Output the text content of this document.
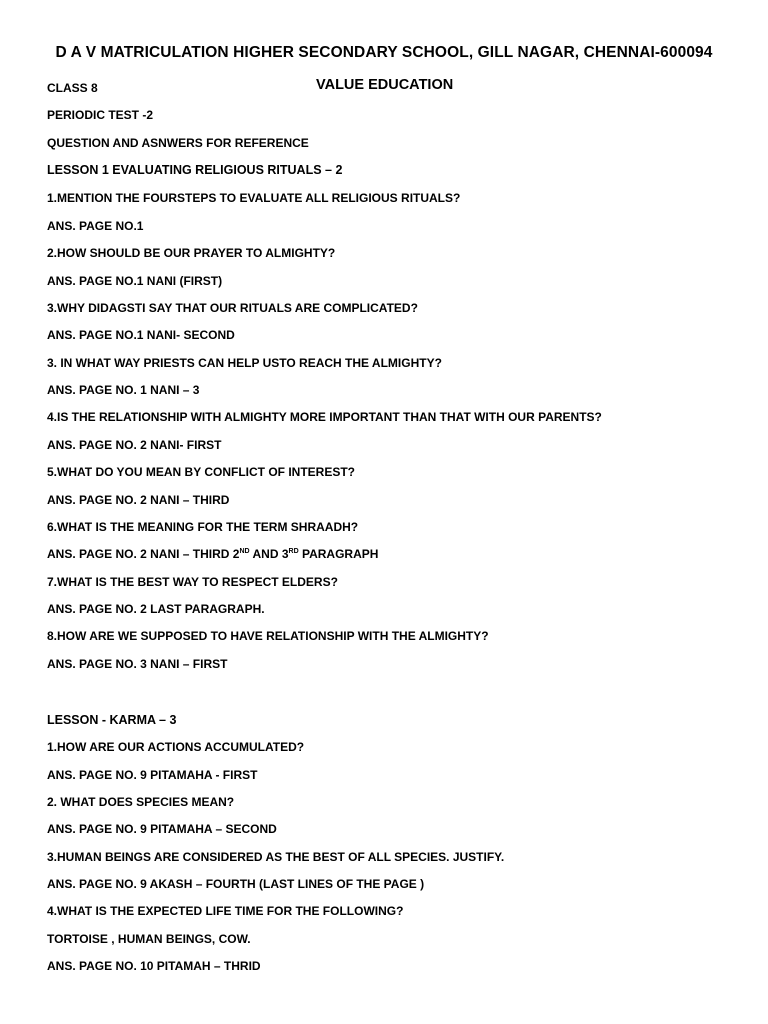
D A V MATRICULATION HIGHER SECONDARY SCHOOL, GILL NAGAR, CHENNAI-600094
CLASS 8	VALUE EDUCATION
PERIODIC TEST -2
QUESTION AND ASNWERS FOR REFERENCE
LESSON 1 EVALUATING RELIGIOUS RITUALS – 2
1.MENTION THE FOURSTEPS TO EVALUATE ALL RELIGIOUS RITUALS?
ANS. PAGE NO.1
2.HOW SHOULD BE OUR PRAYER TO ALMIGHTY?
ANS. PAGE NO.1 NANI (FIRST)
3.WHY DIDAGSTI SAY THAT OUR RITUALS ARE COMPLICATED?
ANS. PAGE NO.1 NANI- SECOND
3. IN WHAT WAY PRIESTS CAN HELP USTO REACH THE ALMIGHTY?
ANS. PAGE NO. 1 NANI – 3
4.IS THE RELATIONSHIP WITH ALMIGHTY MORE IMPORTANT THAN THAT WITH OUR PARENTS?
ANS. PAGE NO. 2 NANI- FIRST
5.WHAT DO YOU MEAN BY CONFLICT OF INTEREST?
ANS. PAGE NO. 2 NANI – THIRD
6.WHAT IS THE MEANING FOR THE TERM SHRAADH?
ANS. PAGE NO. 2 NANI – THIRD 2ND AND 3RD PARAGRAPH
7.WHAT IS THE BEST WAY TO RESPECT ELDERS?
ANS. PAGE NO. 2 LAST PARAGRAPH.
8.HOW ARE WE SUPPOSED TO HAVE RELATIONSHIP WITH THE ALMIGHTY?
ANS. PAGE NO. 3 NANI – FIRST
LESSON - KARMA – 3
1.HOW ARE OUR ACTIONS ACCUMULATED?
ANS. PAGE NO. 9 PITAMAHA - FIRST
2. WHAT DOES SPECIES MEAN?
ANS. PAGE NO. 9 PITAMAHA – SECOND
3.HUMAN BEINGS ARE CONSIDERED AS THE BEST OF ALL SPECIES. JUSTIFY.
ANS. PAGE NO. 9 AKASH – FOURTH (LAST LINES OF THE PAGE )
4.WHAT IS THE EXPECTED LIFE TIME FOR THE FOLLOWING?
TORTOISE , HUMAN BEINGS, COW.
ANS. PAGE NO. 10 PITAMAH – THRID
